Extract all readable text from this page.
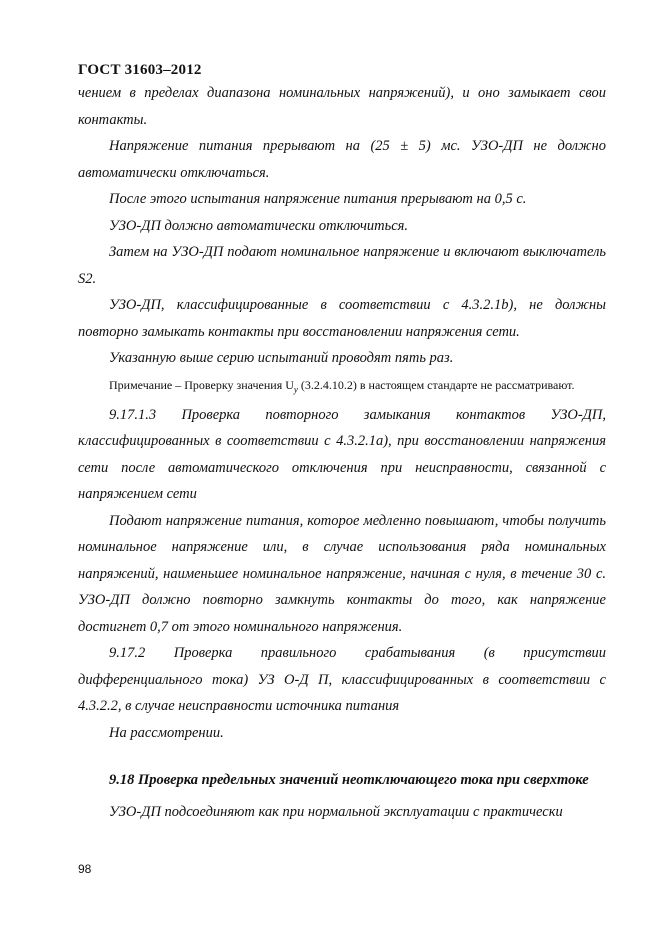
ГОСТ 31603–2012

чением в пределах диапазона номинальных напряжений), и оно замыкает свои контакты.

Напряжение питания прерывают на (25 ± 5) мс. УЗО-ДП не должно автоматически отключаться.

После этого испытания напряжение питания прерывают на 0,5 с.

УЗО-ДП должно автоматически отключиться.

Затем на УЗО-ДП подают номинальное напряжение и включают выключатель S2.

УЗО-ДП, классифицированные в соответствии с 4.3.2.1b), не должны повторно замыкать контакты при восстановлении напряжения сети.

Указанную выше серию испытаний проводят пять раз.

Примечание – Проверку значения $U_у$ (3.2.4.10.2) в настоящем стандарте не рассматривают.

9.17.1.3 Проверка повторного замыкания контактов УЗО-ДП, классифицированных в соответствии с 4.3.2.1а), при восстановлении напряжения сети после автоматического отключения при неисправности, связанной с напряжением сети

Подают напряжение питания, которое медленно повышают, чтобы получить номинальное напряжение или, в случае использования ряда номинальных напряжений, наименьшее номинальное напряжение, начиная с нуля, в течение 30 с. УЗО-ДП должно повторно замкнуть контакты до того, как напряжение достигнет 0,7 от этого номинального напряжения.

9.17.2 Проверка правильного срабатывания (в присутствии дифференциального тока) УЗ О-Д П, классифицированных в соответствии с 4.3.2.2, в случае неисправности источника питания

На рассмотрении.

9.18 Проверка предельных значений неотключающего тока при сверхтоке

УЗО-ДП подсоединяют как при нормальной эксплуатации с практически

98
